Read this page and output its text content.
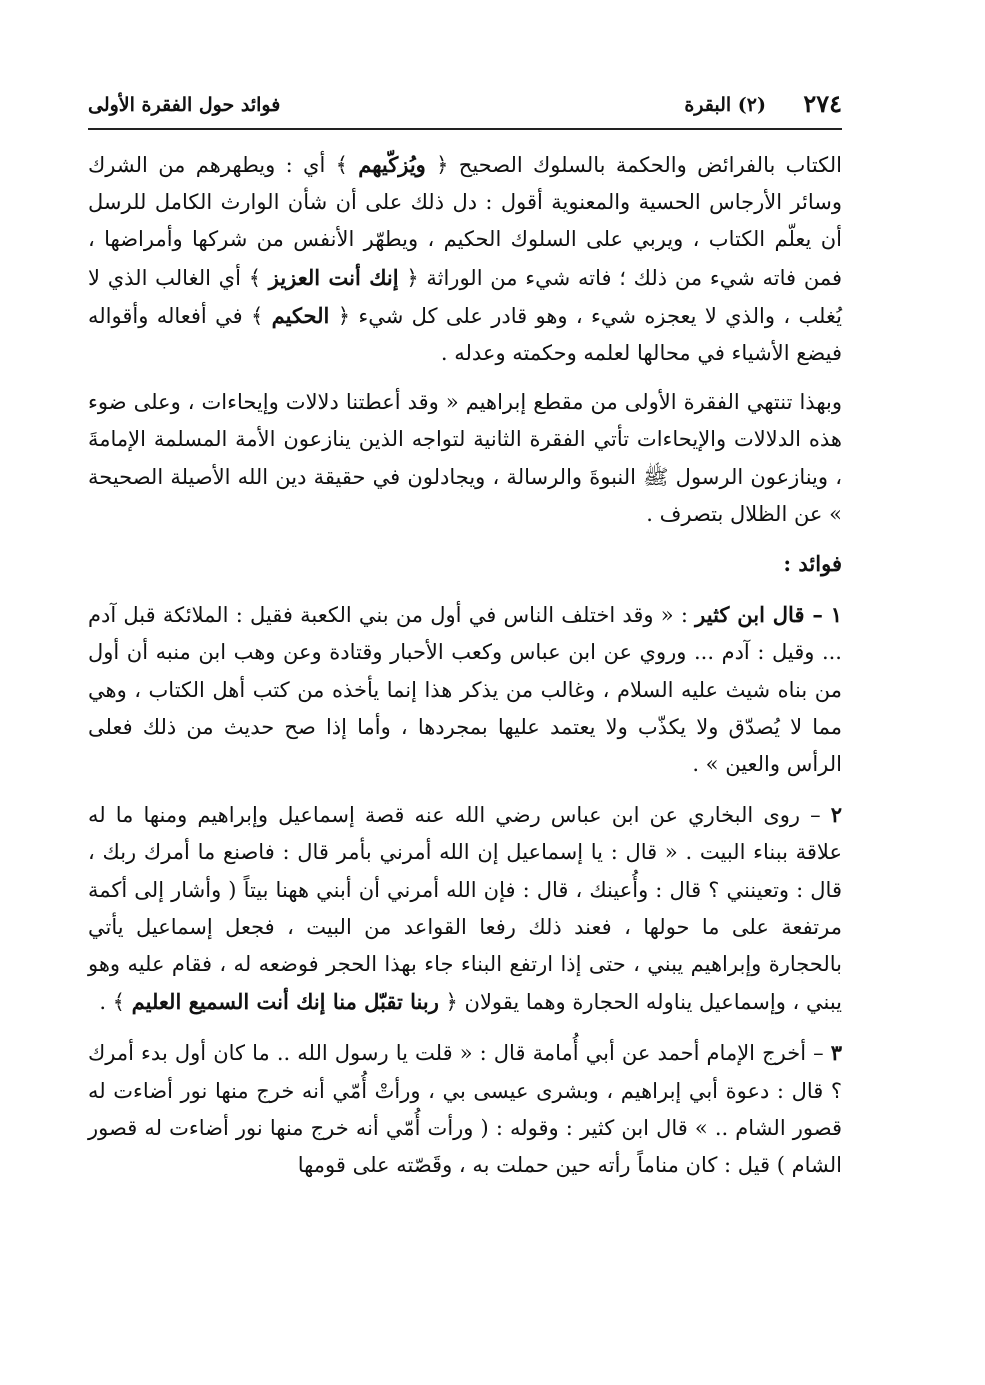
٢٧٤
(٢) البقرة
فوائد حول الفقرة الأولى

الكتاب بالفرائض والحكمة بالسلوك الصحيح ﴿ ويُزكّيهم ﴾ أي : ويطهرهم من الشرك وسائر الأرجاس الحسية والمعنوية أقول : دل ذلك على أن شأن الوارث الكامل للرسل أن يعلّم الكتاب ، ويربي على السلوك الحكيم ، ويطهّر الأنفس من شركها وأمراضها ، فمن فاته شيء من ذلك ؛ فاته شيء من الوراثة ﴿ إنك أنت العزيز ﴾ أي الغالب الذي لا يُغلب ، والذي لا يعجزه شيء ، وهو قادر على كل شيء ﴿ الحكيم ﴾ في أفعاله وأقواله فيضع الأشياء في محالها لعلمه وحكمته وعدله .

وبهذا تنتهي الفقرة الأولى من مقطع إبراهيم « وقد أعطتنا دلالات وإيحاءات ، وعلى ضوء هذه الدلالات والإيحاءات تأتي الفقرة الثانية لتواجه الذين ينازعون الأمة المسلمة الإمامةَ ، وينازعون الرسول ﷺ النبوةَ والرسالة ، ويجادلون في حقيقة دين الله الأصيلة الصحيحة » عن الظلال بتصرف .

فوائد :

١ – قال ابن كثير : « وقد اختلف الناس في أول من بني الكعبة فقيل : الملائكة قبل آدم ... وقيل : آدم ... وروي عن ابن عباس وكعب الأحبار وقتادة وعن وهب ابن منبه أن أول من بناه شيث عليه السلام ، وغالب من يذكر هذا إنما يأخذه من كتب أهل الكتاب ، وهي مما لا يُصدّق ولا يكذّب ولا يعتمد عليها بمجردها ، وأما إذا صح حديث من ذلك فعلى الرأس والعين » .

٢ – روى البخاري عن ابن عباس رضي الله عنه قصة إسماعيل وإبراهيم ومنها ما له علاقة ببناء البيت . « قال : يا إسماعيل إن الله أمرني بأمر قال : فاصنع ما أمرك ربك ، قال : وتعينني ؟ قال : وأُعينك ، قال : فإن الله أمرني أن أبني ههنا بيتاً ( وأشار إلى أكمة مرتفعة على ما حولها ، فعند ذلك رفعا القواعد من البيت ، فجعل إسماعيل يأتي بالحجارة وإبراهيم يبني ، حتى إذا ارتفع البناء جاء بهذا الحجر فوضعه له ، فقام عليه وهو يبني ، وإسماعيل يناوله الحجارة وهما يقولان ﴿ ربنا تقبّل منا إنك أنت السميع العليم ﴾ .

٣ – أخرج الإمام أحمد عن أبي أُمامة قال : « قلت يا رسول الله .. ما كان أول بدء أمرك ؟ قال : دعوة أبي إبراهيم ، وبشرى عيسى بي ، ورأتْ أُمّي أنه خرج منها نور أضاءت له قصور الشام .. » قال ابن كثير : وقوله : ( ورأت أُمّي أنه خرج منها نور أضاءت له قصور الشام ) قيل : كان مناماً رأته حين حملت به ، وقَصّته على قومها
